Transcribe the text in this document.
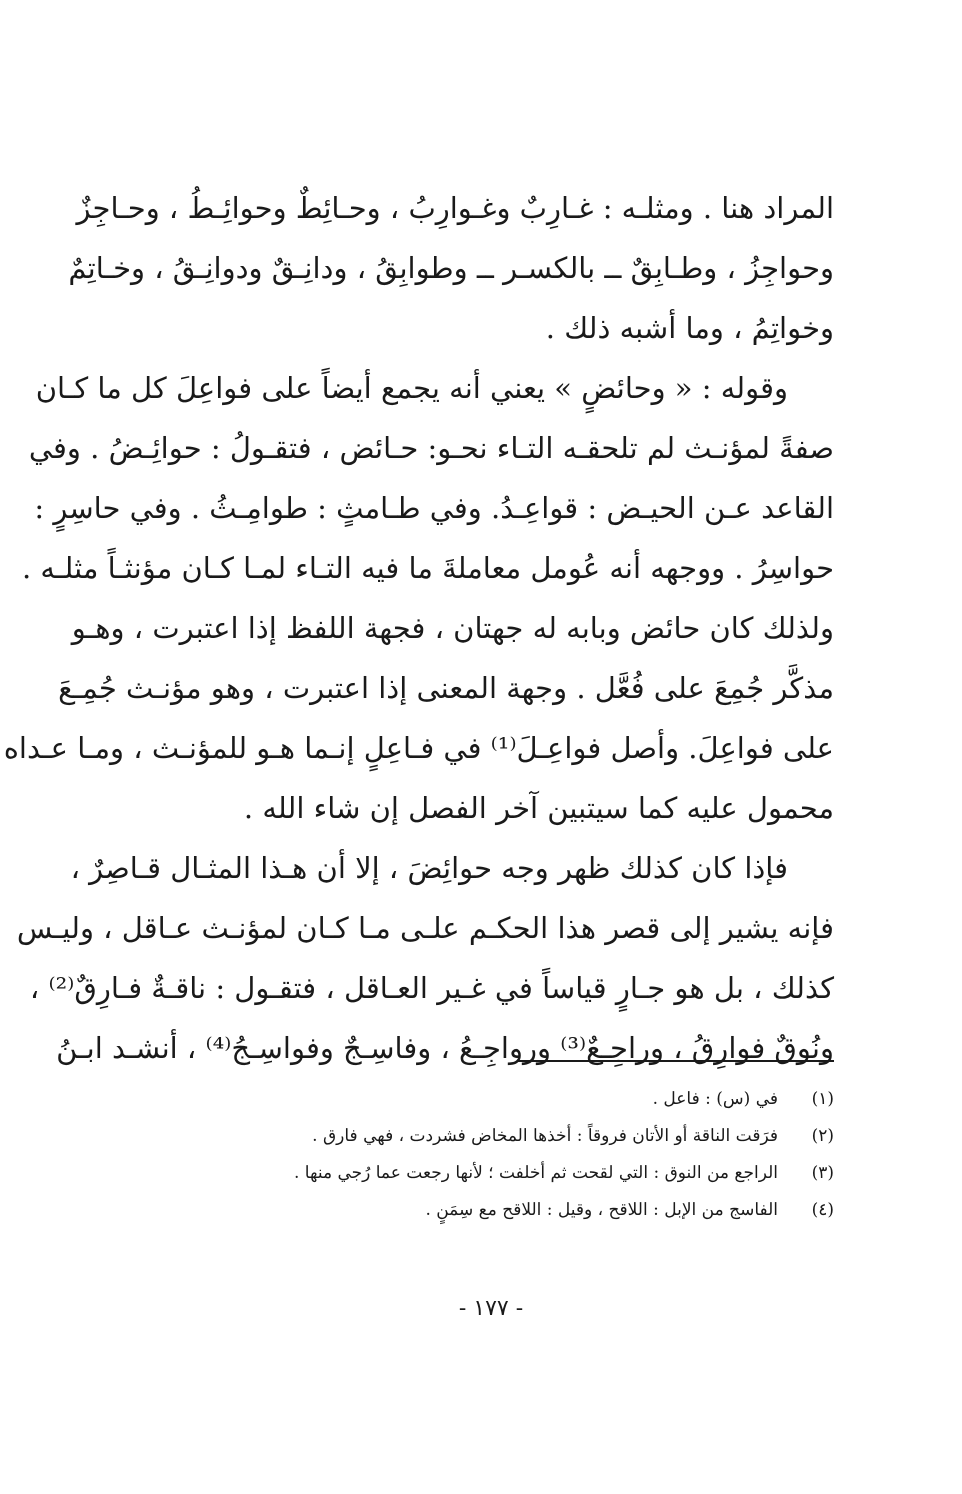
المراد هنا . ومثلـه : غـارِبٌ وغـوارِبُ ، وحـائِطٌ وحوائِـطُ ، وحـاجِزٌ
وحواجِزُ ، وطـابِقٌ ــ بالكسـر ــ وطوابِقُ ، ودانِـقٌ ودوانِـقُ ، وخـاتِمٌ
وخواتِمُ ، وما أشبه ذلك .
وقوله : « وحائضٍ » يعني أنه يجمع أيضاً على فواعِلَ كل ما كـان
صفةً لمؤنـث لم تلحقـه التـاء نحـو: حـائض ، فتقـولُ : حوائِـضُ . وفي
القاعد عـن الحيـض : قواعِـدُ. وفي طـامثٍ : طوامِـثُ . وفي حاسِرٍ :
حواسِرُ . ووجهه أنه عُومل معاملةَ ما فيه التـاء لمـا كـان مؤنثـاً مثلـه .
ولذلك كان حائض وبابه له جهتان ، فجهة اللفظ إذا اعتبرت ، وهـو
مذكَّر جُمِعَ على فُعَّل . وجهة المعنى إذا اعتبرت ، وهو مؤنـث جُمِـعَ
على فواعِلَ. وأصل فواعِـلَ⁽¹⁾ في فـاعِلٍ إنـما هـو للمؤنـث ، ومـا عـداه
محمول عليه كما سيتبين آخر الفصل إن شاء الله .
فإذا كان كذلك ظهر وجه حوائِضَ ، إلا أن هـذا المثـال قـاصِرٌ ،
فإنه يشير إلى قصر هذا الحكـم علـى مـا كـان لمؤنـث عـاقل ، وليـس
كذلك ، بل هو جـارٍ قياساً في غـير العـاقل ، فتقـول : ناقـةٌ فـارِقٌ⁽²⁾ ،
ونُوقٌ فوارِقُ ، وراجِـعٌ⁽³⁾ ورواجِـعُ ، وفاسِـجٌ وفواسِـجُ⁽⁴⁾ ، أنشـد ابـنُ
(١)
في (س) : فاعل .
(٢)
فرَقت الناقة أو الأتان فروقاً : أخذها المخاض فشردت ، فهي فارق .
(٣)
الراجع من النوق : التي لقحت ثم أخلفت ؛ لأنها رجعت عما رُجي منها .
(٤)
الفاسج من الإبل : اللاقح ، وقيل : اللاقح مع سِمَنٍ .
- ١٧٧ -
